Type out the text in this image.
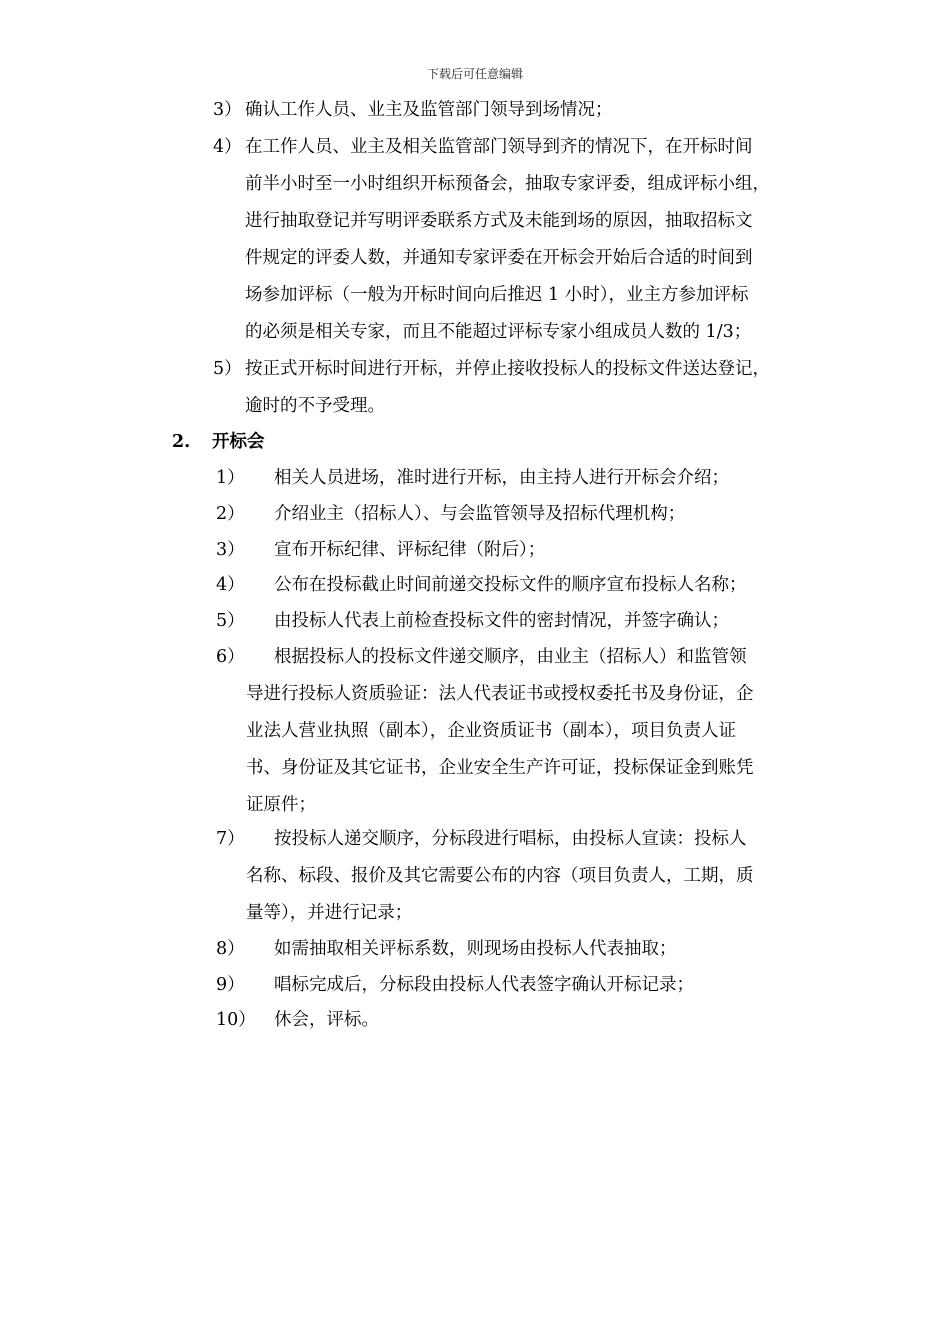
下载后可任意编辑
3） 确认工作人员、业主及监管部门领导到场情况；
4） 在工作人员、业主及相关监管部门领导到齐的情况下，在开标时间
前半小时至一小时组织开标预备会，抽取专家评委，组成评标小组，
进行抽取登记并写明评委联系方式及未能到场的原因，抽取招标文
件规定的评委人数，并通知专家评委在开标会开始后合适的时间到
场参加评标（一般为开标时间向后推迟 1 小时），业主方参加评标
的必须是相关专家，而且不能超过评标专家小组成员人数的 1/3；
5） 按正式开标时间进行开标，并停止接收投标人的投标文件送达登记，
逾时的不予受理。
2. 开标会
1） 相关人员进场，准时进行开标，由主持人进行开标会介绍；
2） 介绍业主（招标人）、与会监管领导及招标代理机构；
3） 宣布开标纪律、评标纪律（附后）；
4） 公布在投标截止时间前递交投标文件的顺序宣布投标人名称；
5） 由投标人代表上前检查投标文件的密封情况，并签字确认；
6） 根据投标人的投标文件递交顺序，由业主（招标人）和监管领
导进行投标人资质验证：法人代表证书或授权委托书及身份证，企
业法人营业执照（副本），企业资质证书（副本），项目负责人证
书、身份证及其它证书，企业安全生产许可证，投标保证金到账凭
证原件；
7） 按投标人递交顺序，分标段进行唱标，由投标人宣读：投标人
名称、标段、报价及其它需要公布的内容（项目负责人，工期，质
量等），并进行记录；
8） 如需抽取相关评标系数，则现场由投标人代表抽取；
9） 唱标完成后，分标段由投标人代表签字确认开标记录；
10） 休会，评标。
